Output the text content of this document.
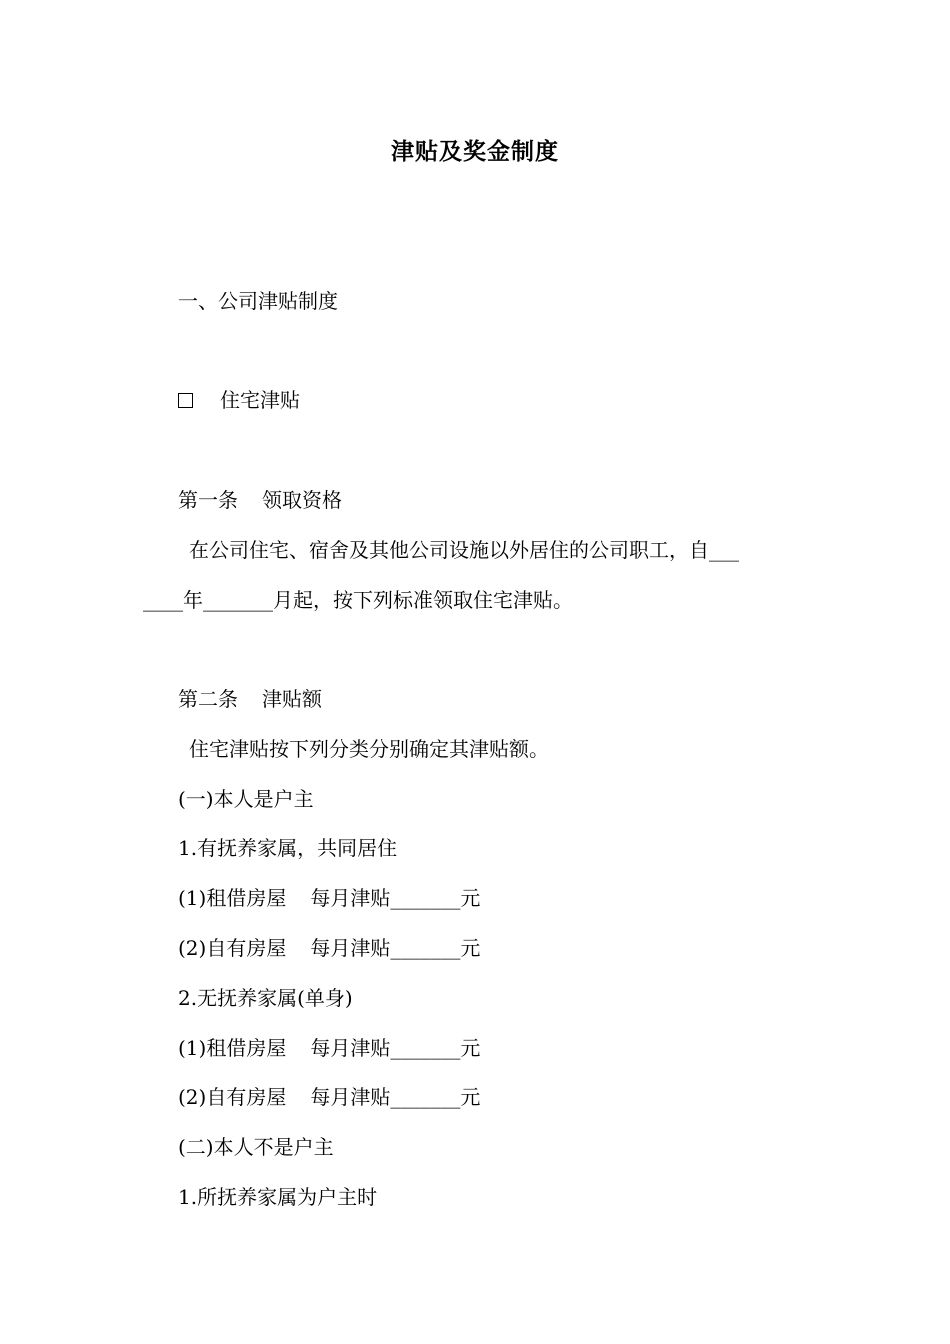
津贴及奖金制度
一、公司津贴制度
住宅津贴
第一条 领取资格
在公司住宅、宿舍及其他公司设施以外居住的公司职工，自___
____年_______月起，按下列标准领取住宅津贴。
第二条 津贴额
住宅津贴按下列分类分别确定其津贴额。
(一)本人是户主
1.有抚养家属，共同居住
(1)租借房屋 每月津贴_______元
(2)自有房屋 每月津贴_______元
2.无抚养家属(单身)
(1)租借房屋 每月津贴_______元
(2)自有房屋 每月津贴_______元
(二)本人不是户主
1.所抚养家属为户主时
